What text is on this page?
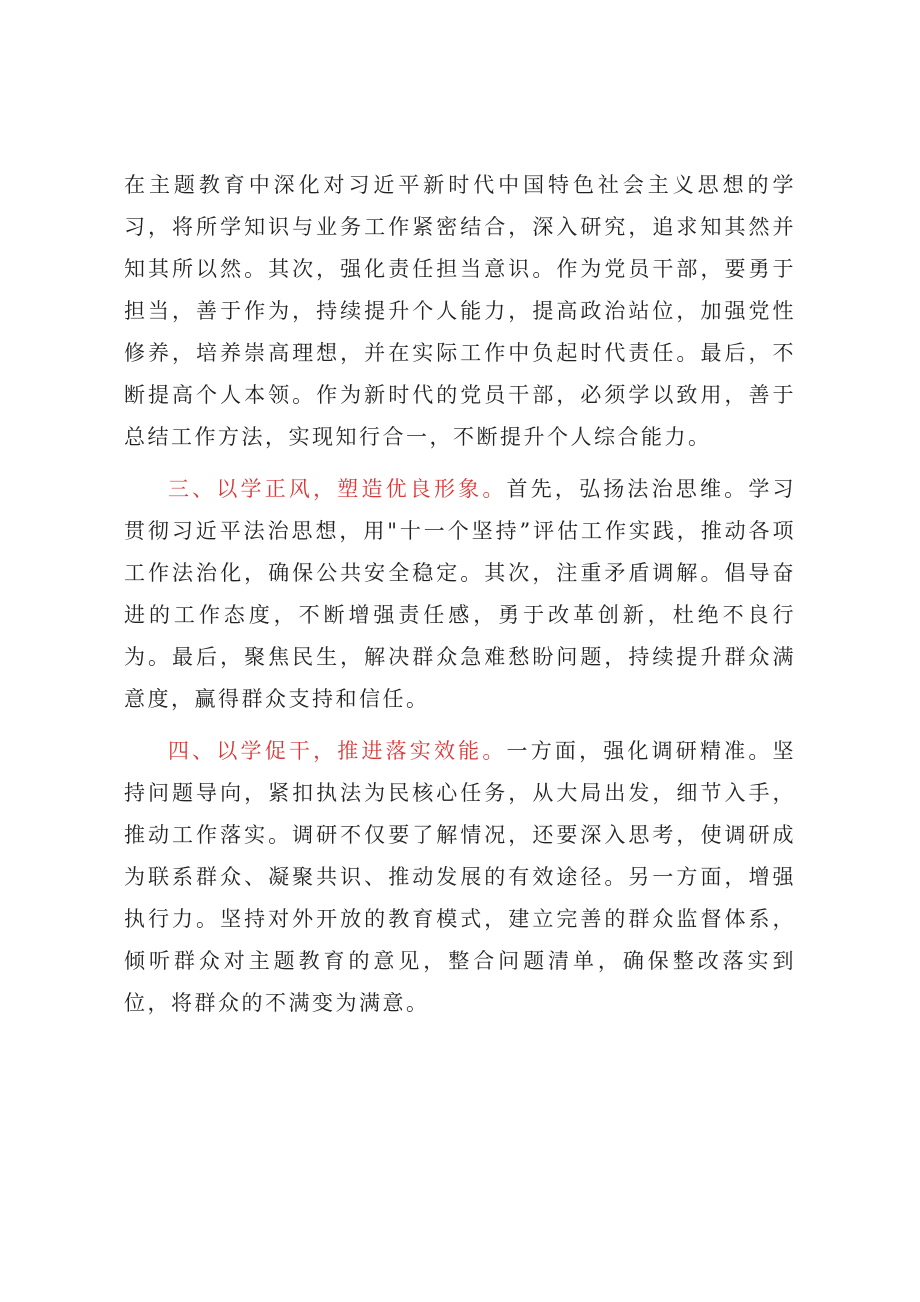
在主题教育中深化对习近平新时代中国特色社会主义思想的学习，将所学知识与业务工作紧密结合，深入研究，追求知其然并知其所以然。其次，强化责任担当意识。作为党员干部，要勇于担当，善于作为，持续提升个人能力，提高政治站位，加强党性修养，培养崇高理想，并在实际工作中负起时代责任。最后，不断提高个人本领。作为新时代的党员干部，必须学以致用，善于总结工作方法，实现知行合一，不断提升个人综合能力。

三、以学正风，塑造优良形象。首先，弘扬法治思维。学习贯彻习近平法治思想，用"十一个坚持”评估工作实践，推动各项工作法治化，确保公共安全稳定。其次，注重矛盾调解。倡导奋进的工作态度，不断增强责任感，勇于改革创新，杜绝不良行为。最后，聚焦民生，解决群众急难愁盼问题，持续提升群众满意度，赢得群众支持和信任。

四、以学促干，推进落实效能。一方面，强化调研精准。坚持问题导向，紧扣执法为民核心任务，从大局出发，细节入手，推动工作落实。调研不仅要了解情况，还要深入思考，使调研成为联系群众、凝聚共识、推动发展的有效途径。另一方面，增强执行力。坚持对外开放的教育模式，建立完善的群众监督体系，倾听群众对主题教育的意见，整合问题清单，确保整改落实到位，将群众的不满变为满意。
